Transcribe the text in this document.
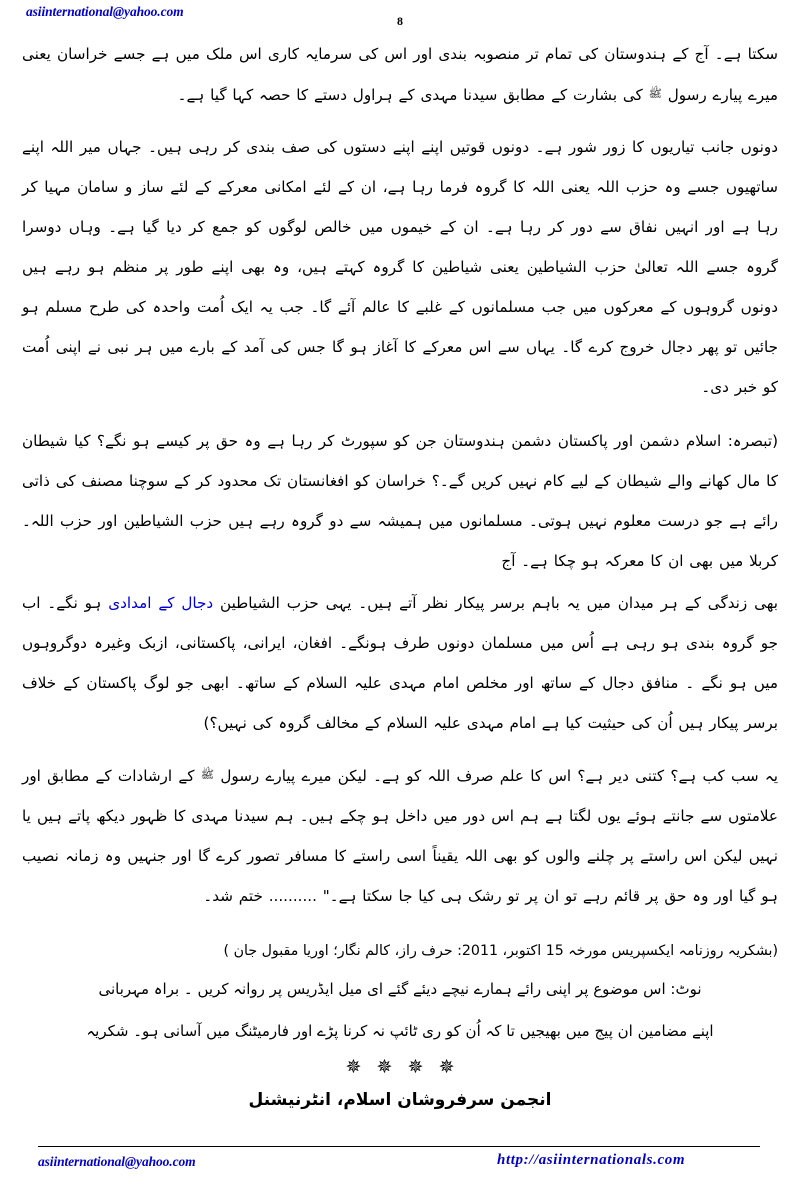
asiinternational@yahoo.com
8

سکتا ہے۔ آج کے ہندوستان کی تمام تر منصوبہ بندی اور اس کی سرمایہ کاری اس ملک میں ہے جسے خراسان یعنی میرے پیارے رسول ﷺ کی بشارت کے مطابق سیدنا مہدی کے ہراول دستے کا حصہ کہا گیا ہے۔

دونوں جانب تیاریوں کا زور شور ہے۔ دونوں قوتیں اپنے اپنے دستوں کی صف بندی کر رہی ہیں۔ جہاں میر اللہ اپنے ساتھیوں جسے وہ حزب اللہ یعنی اللہ کا گروہ فرما رہا ہے، ان کے لئے امکانی معرکے کے لئے ساز و سامان مہیا کر رہا ہے اور انہیں نفاق سے دور کر رہا ہے۔ ان کے خیموں میں خالص لوگوں کو جمع کر دیا گیا ہے۔ وہاں دوسرا گروہ جسے اللہ تعالیٰ حزب الشیاطین یعنی شیاطین کا گروہ کہتے ہیں، وہ بھی اپنے طور پر منظم ہو رہے ہیں دونوں گروہوں کے معرکوں میں جب مسلمانوں کے غلبے کا عالم آئے گا۔ جب یہ ایک اُمت واحدہ کی طرح مسلم ہو جائیں تو پھر دجال خروج کرے گا۔ یہاں سے اس معرکے کا آغاز ہو گا جس کی آمد کے بارے میں ہر نبی نے اپنی اُمت کو خبر دی۔

(تبصرہ: اسلام دشمن اور پاکستان دشمن ہندوستان جن کو سپورٹ کر رہا ہے وہ حق پر کیسے ہو نگے؟ کیا شیطان کا مال کھانے والے شیطان کے لیے کام نہیں کریں گے۔؟ خراسان کو افغانستان تک محدود کر کے سوچنا مصنف کی ذاتی رائے ہے جو درست معلوم نہیں ہوتی۔ مسلمانوں میں ہمیشہ سے دو گروہ رہے ہیں حزب الشیاطین اور حزب اللہ۔ کربلا میں بھی ان کا معرکہ ہو چکا ہے۔ آج

بھی زندگی کے ہر میدان میں یہ باہم برسر پیکار نظر آتے ہیں۔ یہی حزب الشیاطین دجال کے امدادی ہو نگے۔ اب جو گروہ بندی ہو رہی ہے اُس میں مسلمان دونوں طرف ہونگے۔ افغان، ایرانی، پاکستانی، ازبک وغیرہ دوگروہوں میں ہو نگے ۔ منافق دجال کے ساتھ اور مخلص امام مہدی علیہ السلام کے ساتھ۔ ابھی جو لوگ پاکستان کے خلاف برسر پیکار ہیں اُن کی حیثیت کیا ہے امام مہدی علیہ السلام کے مخالف گروہ کی نہیں؟)

یہ سب کب ہے؟ کتنی دیر ہے؟ اس کا علم صرف اللہ کو ہے۔ لیکن میرے پیارے رسول ﷺ کے ارشادات کے مطابق اور علامتوں سے جانتے ہوئے یوں لگتا ہے ہم اس دور میں داخل ہو چکے ہیں۔ ہم سیدنا مہدی کا ظہور دیکھ پاتے ہیں یا نہیں لیکن اس راستے پر چلنے والوں کو بھی اللہ یقیناً اسی راستے کا مسافر تصور کرے گا اور جنہیں وہ زمانہ نصیب ہو گیا اور وہ حق پر قائم رہے تو ان پر تو رشک ہی کیا جا سکتا ہے۔" .......... ختم شد۔

(بشکریہ روزنامہ ایکسپریس مورخہ 15 اکتوبر، 2011: حرف راز، کالم نگار؛ اوریا مقبول جان )

نوٹ: اس موضوع پر اپنی رائے ہمارے نیچے دیئے گئے ای میل ایڈریس پر روانہ کریں ۔ براہ مہربانی

اپنے مضامین ان پیج میں بھیجیں تا کہ اُن کو ری ٹائپ نہ کرنا پڑے اور فارمیٹنگ میں آسانی ہو۔ شکریہ

✵ ✵ ✵ ✵
انجمن سرفروشان اسلام، انٹرنیشنل
asiinternational@yahoo.com	http://asiinternationals.com
